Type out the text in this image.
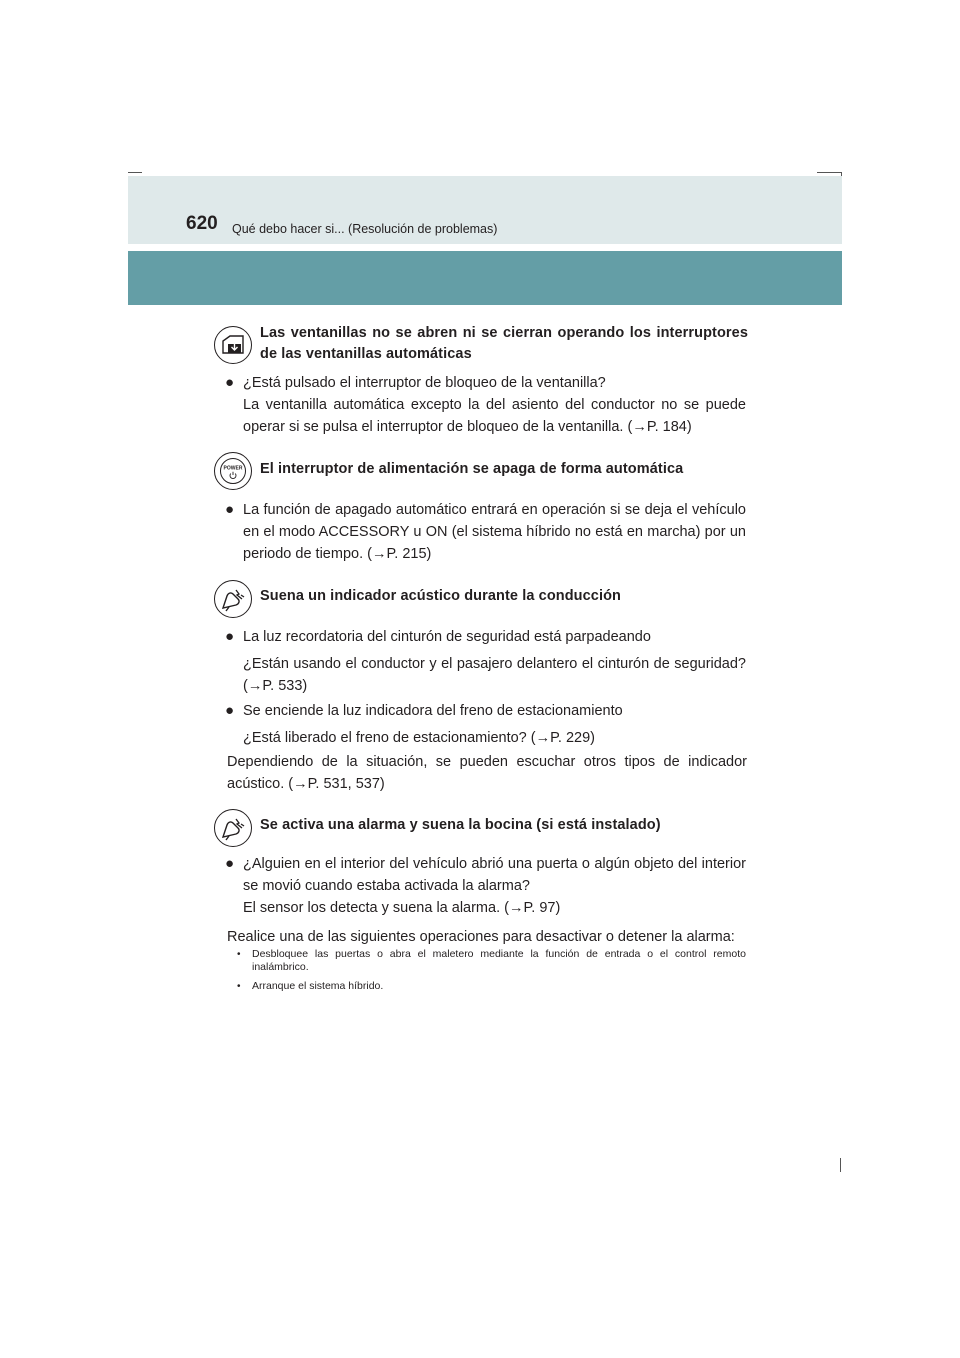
620 Qué debo hacer si... (Resolución de problemas)
Las ventanillas no se abren ni se cierran operando los interruptores de las ventanillas automáticas
● ¿Está pulsado el interruptor de bloqueo de la ventanilla?
La ventanilla automática excepto la del asiento del conductor no se puede operar si se pulsa el interruptor de bloqueo de la ventanilla. (→P. 184)
POWER El interruptor de alimentación se apaga de forma automática
● La función de apagado automático entrará en operación si se deja el vehículo en el modo ACCESSORY u ON (el sistema híbrido no está en marcha) por un periodo de tiempo. (→P. 215)
Suena un indicador acústico durante la conducción
● La luz recordatoria del cinturón de seguridad está parpadeando
¿Están usando el conductor y el pasajero delantero el cinturón de seguridad? (→P. 533)
● Se enciende la luz indicadora del freno de estacionamiento
¿Está liberado el freno de estacionamiento? (→P. 229)
Dependiendo de la situación, se pueden escuchar otros tipos de indicador acústico. (→P. 531, 537)
Se activa una alarma y suena la bocina (si está instalado)
● ¿Alguien en el interior del vehículo abrió una puerta o algún objeto del interior se movió cuando estaba activada la alarma?
El sensor los detecta y suena la alarma. (→P. 97)
Realice una de las siguientes operaciones para desactivar o detener la alarma:
• Desbloquee las puertas o abra el maletero mediante la función de entrada o el control remoto inalámbrico.
• Arranque el sistema híbrido.
